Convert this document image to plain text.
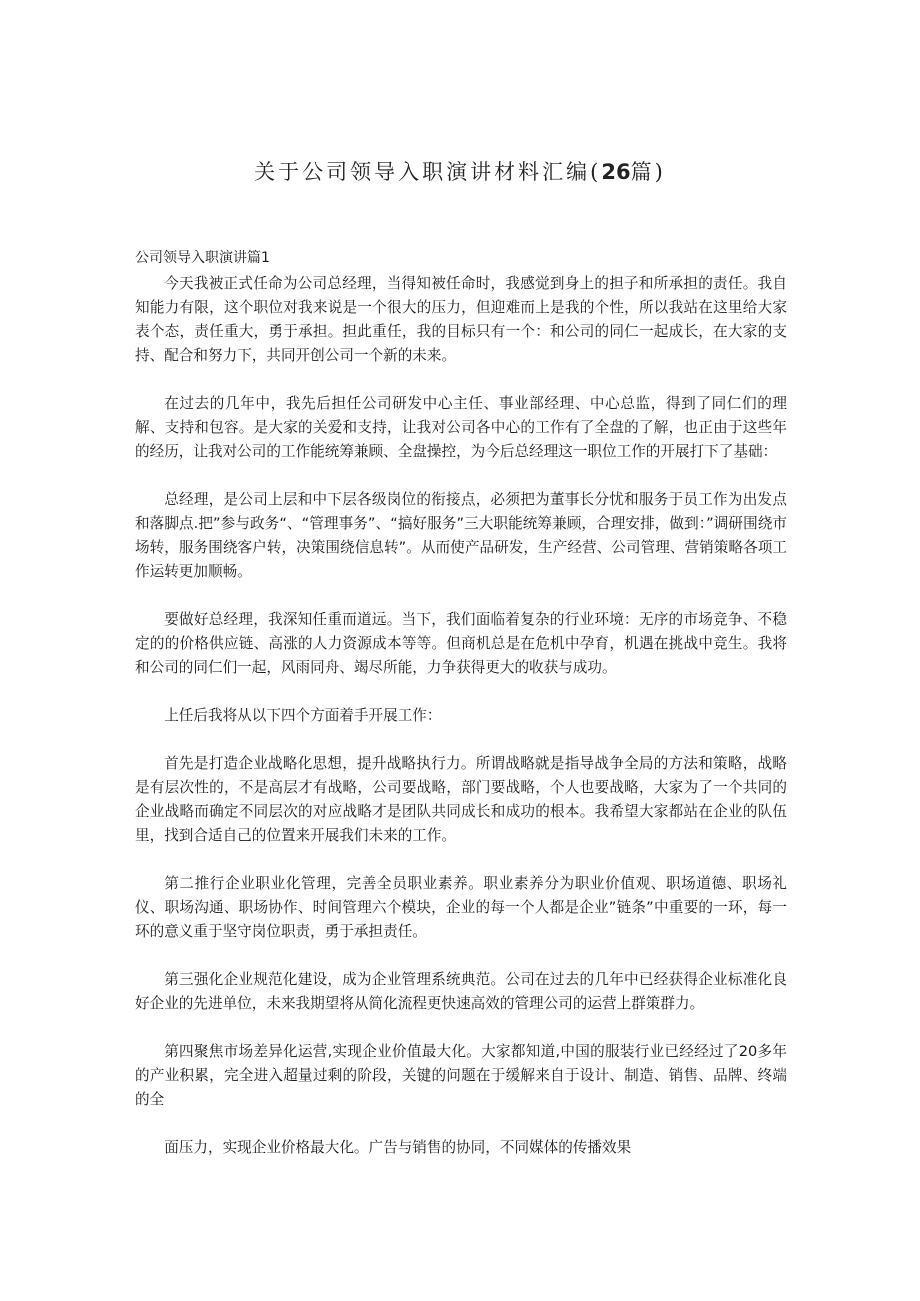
关于公司领导入职演讲材料汇编(26篇)

公司领导入职演讲篇1

今天我被正式任命为公司总经理，当得知被任命时，我感觉到身上的担子和所承担的责任。我自知能力有限，这个职位对我来说是一个很大的压力，但迎难而上是我的个性，所以我站在这里给大家表个态，责任重大，勇于承担。担此重任，我的目标只有一个：和公司的同仁一起成长，在大家的支持、配合和努力下，共同开创公司一个新的未来。

在过去的几年中，我先后担任公司研发中心主任、事业部经理、中心总监，得到了同仁们的理解、支持和包容。是大家的关爱和支持，让我对公司各中心的工作有了全盘的了解，也正由于这些年的经历，让我对公司的工作能统筹兼顾、全盘操控，为今后总经理这一职位工作的开展打下了基础：

总经理，是公司上层和中下层各级岗位的衔接点，必须把为董事长分忧和服务于员工作为出发点和落脚点.把”参与政务“、“管理事务”、“搞好服务”三大职能统筹兼顾，合理安排，做到：”调研围绕市场转，服务围绕客户转，决策围绕信息转”。从而使产品研发，生产经营、公司管理、营销策略各项工作运转更加顺畅。

要做好总经理，我深知任重而道远。当下，我们面临着复杂的行业环境：无序的市场竞争、不稳定的的价格供应链、高涨的人力资源成本等等。但商机总是在危机中孕育，机遇在挑战中竞生。我将和公司的同仁们一起，风雨同舟、竭尽所能，力争获得更大的收获与成功。

上任后我将从以下四个方面着手开展工作：

首先是打造企业战略化思想，提升战略执行力。所谓战略就是指导战争全局的方法和策略，战略是有层次性的，不是高层才有战略，公司要战略，部门要战略，个人也要战略，大家为了一个共同的企业战略而确定不同层次的对应战略才是团队共同成长和成功的根本。我希望大家都站在企业的队伍里，找到合适自己的位置来开展我们未来的工作。

第二推行企业职业化管理，完善全员职业素养。职业素养分为职业价值观、职场道德、职场礼仪、职场沟通、职场协作、时间管理六个模块，企业的每一个人都是企业”链条”中重要的一环，每一环的意义重于坚守岗位职责，勇于承担责任。

第三强化企业规范化建设，成为企业管理系统典范。公司在过去的几年中已经获得企业标准化良好企业的先进单位，未来我期望将从简化流程更快速高效的管理公司的运营上群策群力。

第四聚焦市场差异化运营,实现企业价值最大化。大家都知道,中国的服装行业已经经过了20多年的产业积累，完全进入超量过剩的阶段，关键的问题在于缓解来自于设计、制造、销售、品牌、终端的全

面压力，实现企业价格最大化。广告与销售的协同，不同媒体的传播效果
